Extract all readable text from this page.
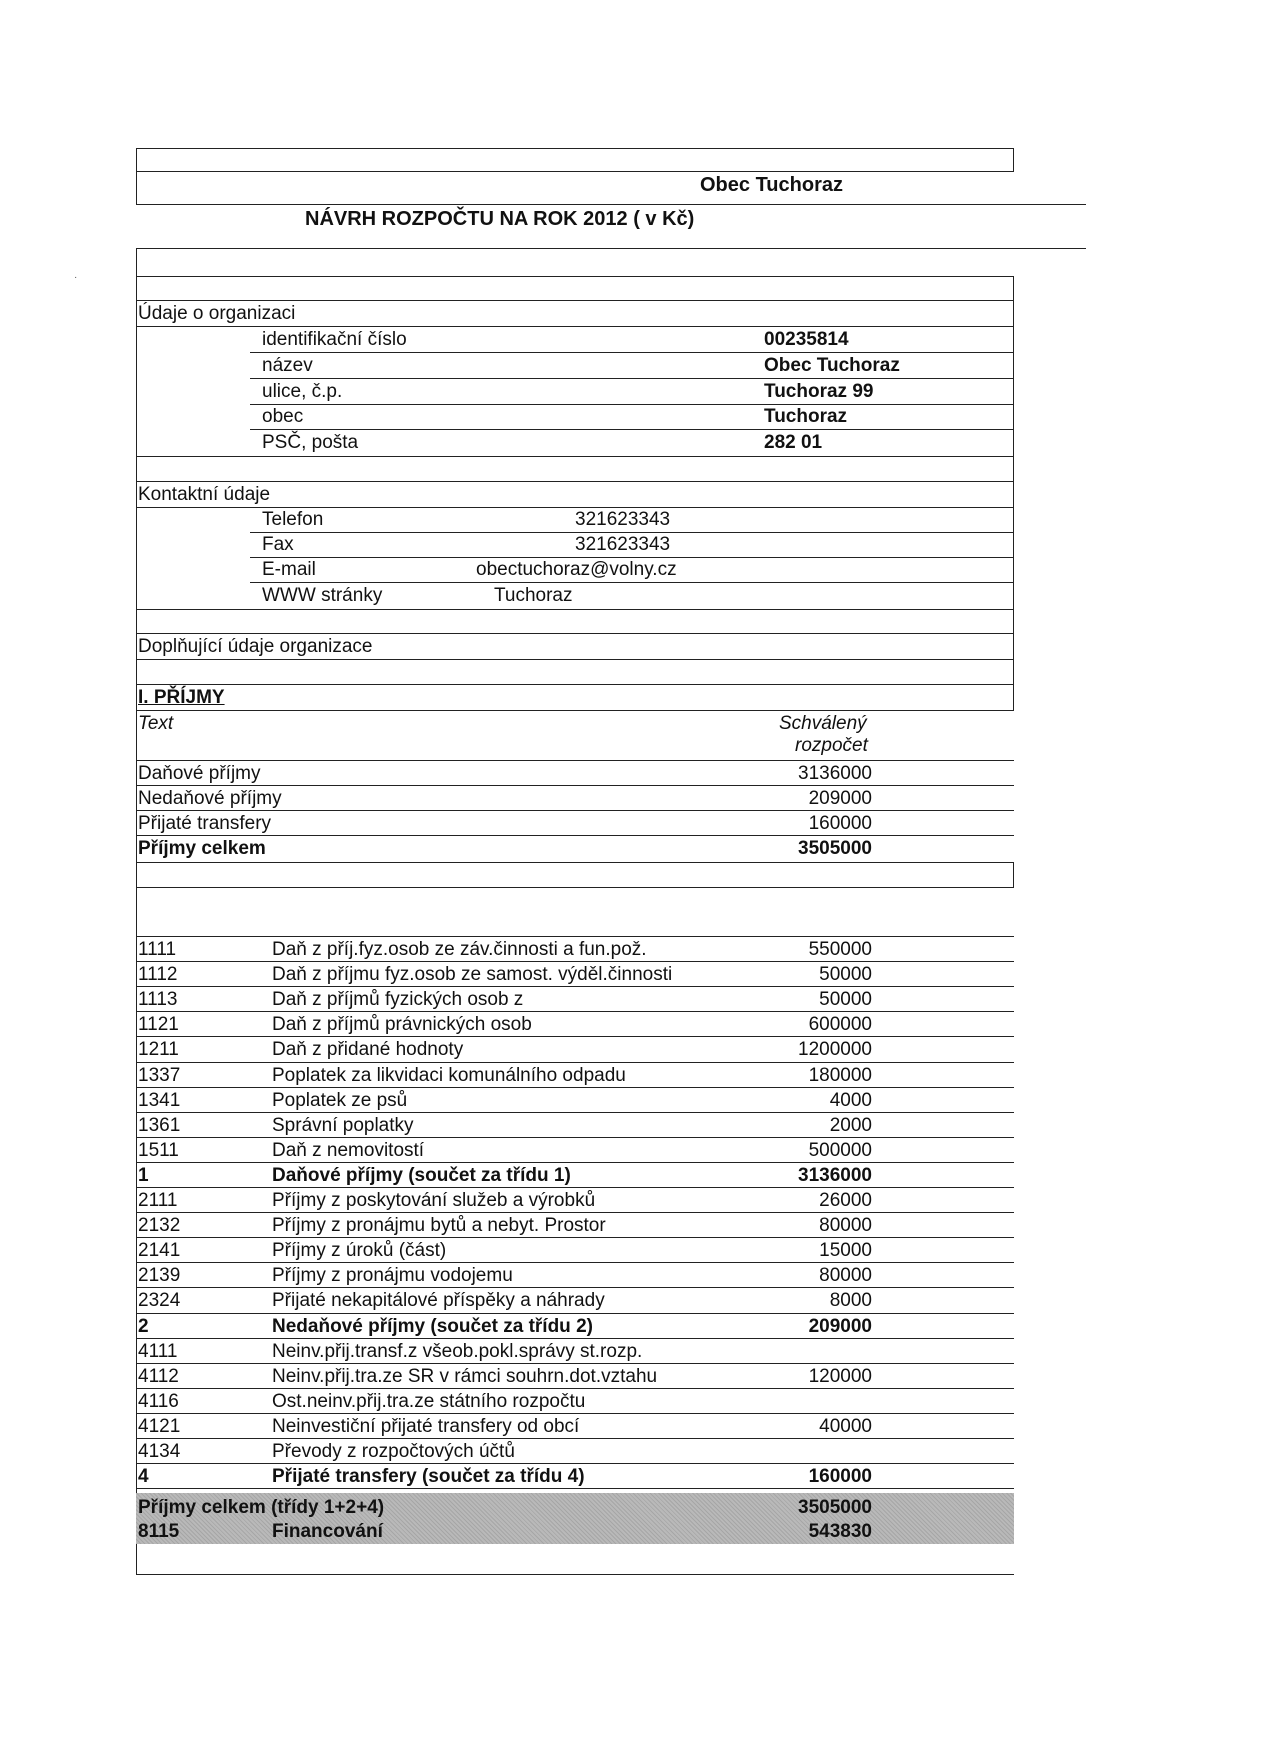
Obec Tuchoraz
NÁVRH ROZPOČTU NA ROK 2012 ( v Kč)
Údaje o organizaci
identifikační číslo	00235814
název	Obec Tuchoraz
ulice, č.p.	Tuchoraz 99
obec	Tuchoraz
PSČ, pošta	282 01
Kontaktní údaje
Telefon	321623343
Fax	321623343
E-mail	obectuchoraz@volny.cz
WWW stránky	Tuchoraz
Doplňující údaje organizace
I. PŘÍJMY
Text	Schválený
rozpočet
Daňové příjmy	3136000
Nedaňové příjmy	209000
Přijaté transfery	160000
Příjmy celkem	3505000
1111	Daň z příj.fyz.osob ze záv.činnosti a fun.pož.	550000
1112	Daň z příjmu fyz.osob ze samost. výděl.činnosti	50000
1113	Daň z příjmů fyzických osob z	50000
1121	Daň z příjmů právnických osob	600000
1211	Daň z přidané hodnoty	1200000
1337	Poplatek za likvidaci komunálního odpadu	180000
1341	Poplatek ze psů	4000
1361	Správní poplatky	2000
1511	Daň z nemovitostí	500000
1	Daňové příjmy (součet za třídu 1)	3136000
2111	Příjmy z poskytování služeb a výrobků	26000
2132	Příjmy z pronájmu bytů a nebyt. Prostor	80000
2141	Příjmy z úroků (část)	15000
2139	Příjmy z pronájmu vodojemu	80000
2324	Přijaté nekapitálové příspěky a náhrady	8000
2	Nedaňové příjmy (součet za třídu 2)	209000
4111	Neinv.přij.transf.z všeob.pokl.správy st.rozp.
4112	Neinv.přij.tra.ze SR v rámci souhrn.dot.vztahu	120000
4116	Ost.neinv.přij.tra.ze státního rozpočtu
4121	Neinvestiční přijaté transfery od obcí	40000
4134	Převody z rozpočtových účtů
4	Přijaté transfery (součet za třídu 4)	160000
Příjmy celkem (třídy 1+2+4)	3505000
8115	Financování	543830
·
